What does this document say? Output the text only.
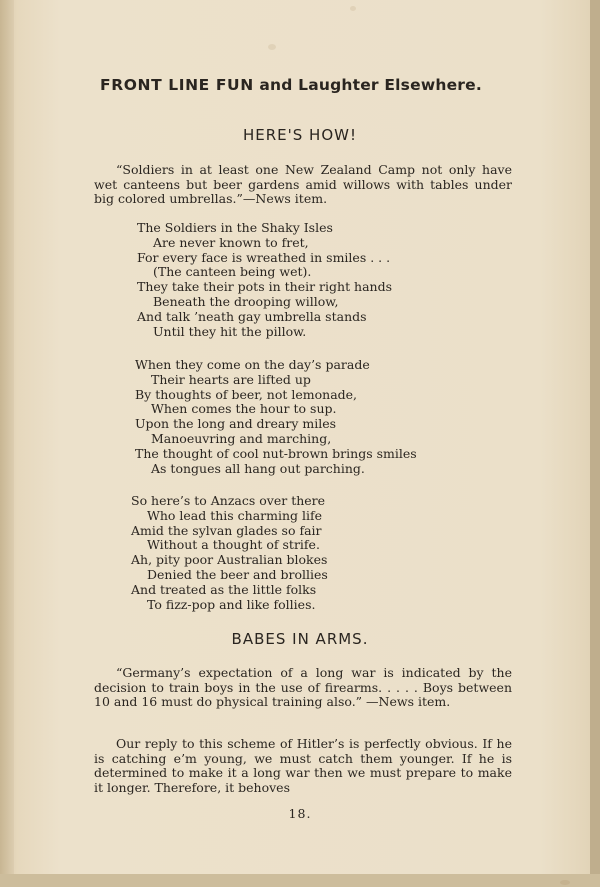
FRONT LINE FUN and Laughter Elsewhere.
HERE'S HOW!

“Soldiers in at least one New Zealand Camp not only have wet canteens but beer gardens amid willows with tables under big colored umbrellas.”—News item.

The Soldiers in the Shaky Isles
Are never known to fret,
For every face is wreathed in smiles . . .
(The canteen being wet).
They take their pots in their right hands
Beneath the drooping willow,
And talk ’neath gay umbrella stands
Until they hit the pillow.
When they come on the day’s parade
Their hearts are lifted up
By thoughts of beer, not lemonade,
When comes the hour to sup.
Upon the long and dreary miles
Manoeuvring and marching,
The thought of cool nut-brown brings smiles
As tongues all hang out parching.
So here’s to Anzacs over there
Who lead this charming life
Amid the sylvan glades so fair
Without a thought of strife.
Ah, pity poor Australian blokes
Denied the beer and brollies
And treated as the little folks
To fizz-pop and like follies.
BABES IN ARMS.

“Germany’s expectation of a long war is indicated by the decision to train boys in the use of firearms. . . . . Boys between 10 and 16 must do physical training also.” —News item.

Our reply to this scheme of Hitler’s is perfectly obvious. If he is catching e’m young, we must catch them younger. If he is determined to make it a long war then we must prepare to make it longer. Therefore, it behoves

18.
